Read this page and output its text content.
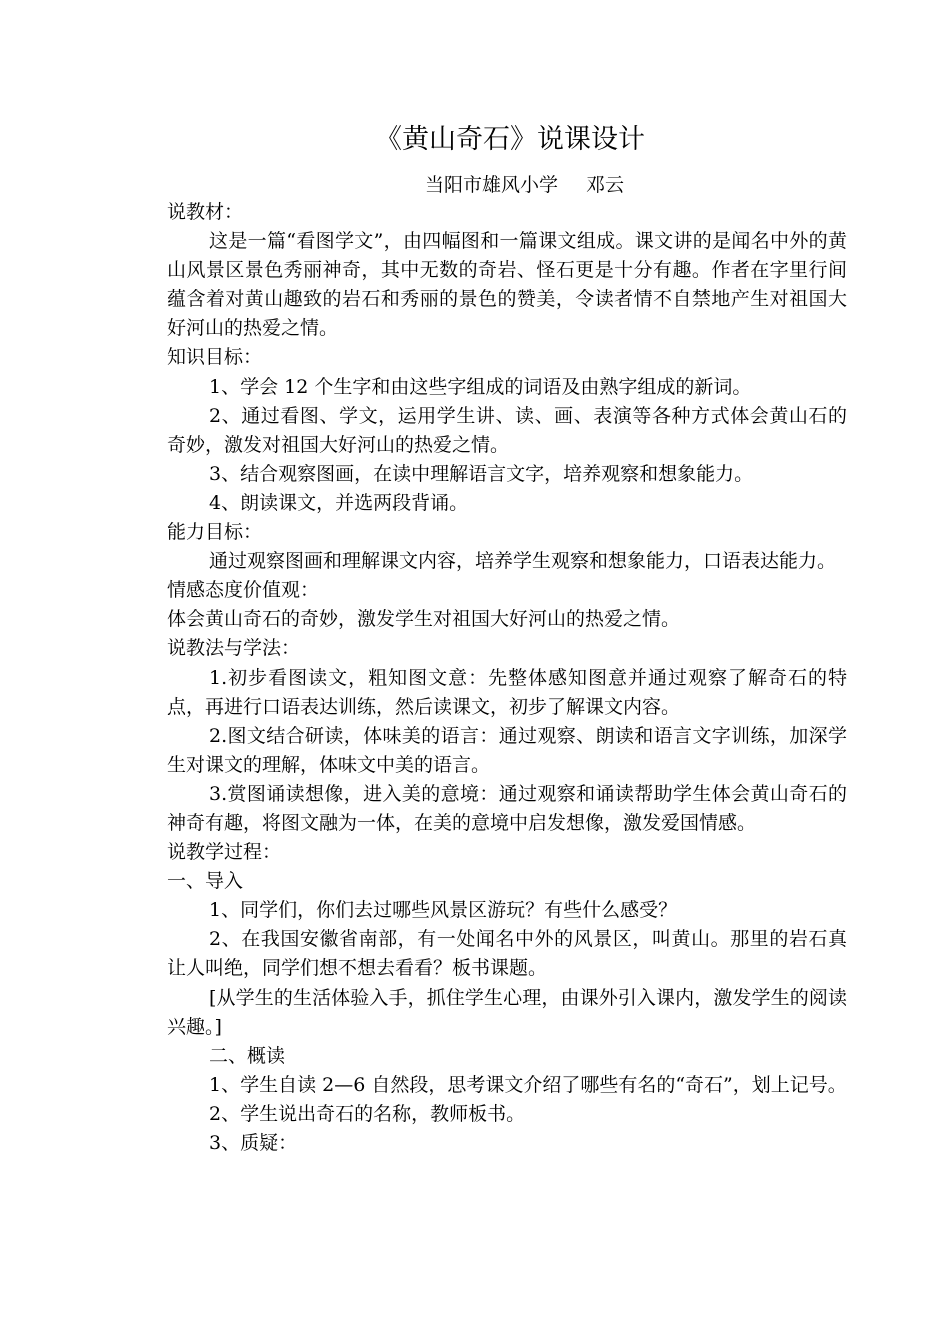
《黄山奇石》说课设计
当阳市雄风小学 邓云

说教材：

这是一篇“看图学文”，由四幅图和一篇课文组成。课文讲的是闻名中外的黄山风景区景色秀丽神奇，其中无数的奇岩、怪石更是十分有趣。作者在字里行间蕴含着对黄山趣致的岩石和秀丽的景色的赞美，令读者情不自禁地产生对祖国大好河山的热爱之情。

知识目标：

1、学会 12 个生字和由这些字组成的词语及由熟字组成的新词。

2、通过看图、学文，运用学生讲、读、画、表演等各种方式体会黄山石的奇妙，激发对祖国大好河山的热爱之情。

3、结合观察图画，在读中理解语言文字，培养观察和想象能力。

4、朗读课文，并选两段背诵。

能力目标：

通过观察图画和理解课文内容，培养学生观察和想象能力，口语表达能力。

情感态度价值观：

体会黄山奇石的奇妙，激发学生对祖国大好河山的热爱之情。

说教法与学法：

1.初步看图读文，粗知图文意：先整体感知图意并通过观察了解奇石的特点，再进行口语表达训练，然后读课文，初步了解课文内容。

2.图文结合研读，体味美的语言：通过观察、朗读和语言文字训练，加深学生对课文的理解，体味文中美的语言。

3.赏图诵读想像，进入美的意境：通过观察和诵读帮助学生体会黄山奇石的神奇有趣，将图文融为一体，在美的意境中启发想像，激发爱国情感。

说教学过程：

一、导入

1、同学们，你们去过哪些风景区游玩？有些什么感受？

2、在我国安徽省南部，有一处闻名中外的风景区，叫黄山。那里的岩石真让人叫绝，同学们想不想去看看？板书课题。

[从学生的生活体验入手，抓住学生心理，由课外引入课内，激发学生的阅读兴趣。]

二、概读

1、学生自读 2—6 自然段，思考课文介绍了哪些有名的“奇石”，划上记号。

2、学生说出奇石的名称，教师板书。

3、质疑：
